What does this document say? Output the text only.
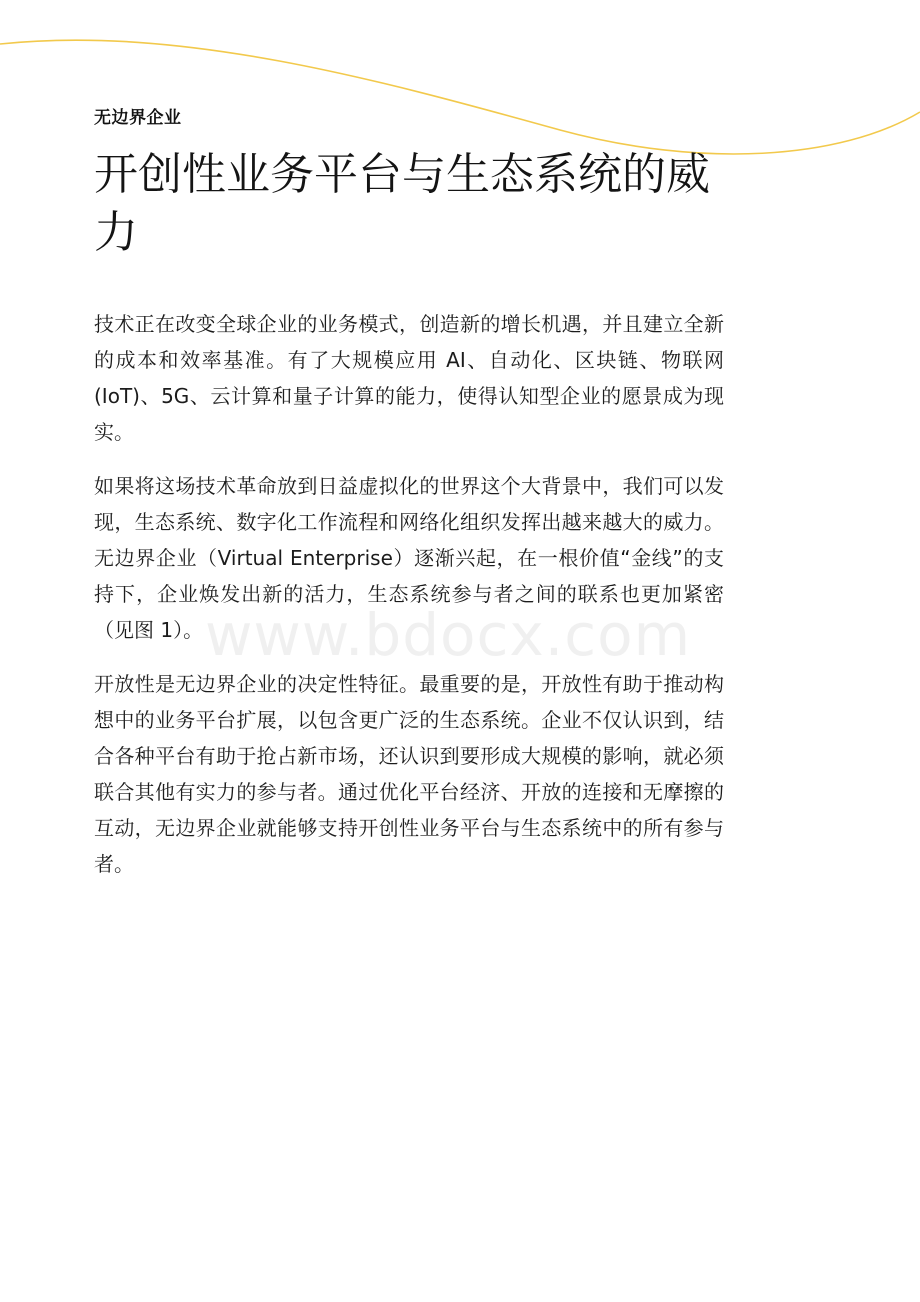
无边界企业
开创性业务平台与生态系统的威力
www.bdocx.com

技术正在改变全球企业的业务模式，创造新的增长机遇，并且建立全新的成本和效率基准。有了大规模应用 AI、自动化、区块链、物联网 (IoT)、5G、云计算和量子计算的能力，使得认知型企业的愿景成为现实。

如果将这场技术革命放到日益虚拟化的世界这个大背景中，我们可以发现，生态系统、数字化工作流程和网络化组织发挥出越来越大的威力。无边界企业（Virtual Enterprise）逐渐兴起，在一根价值“金线”的支持下，企业焕发出新的活力，生态系统参与者之间的联系也更加紧密（见图 1）。

开放性是无边界企业的决定性特征。最重要的是，开放性有助于推动构想中的业务平台扩展，以包含更广泛的生态系统。企业不仅认识到，结合各种平台有助于抢占新市场，还认识到要形成大规模的影响，就必须联合其他有实力的参与者。通过优化平台经济、开放的连接和无摩擦的互动，无边界企业就能够支持开创性业务平台与生态系统中的所有参与者。
